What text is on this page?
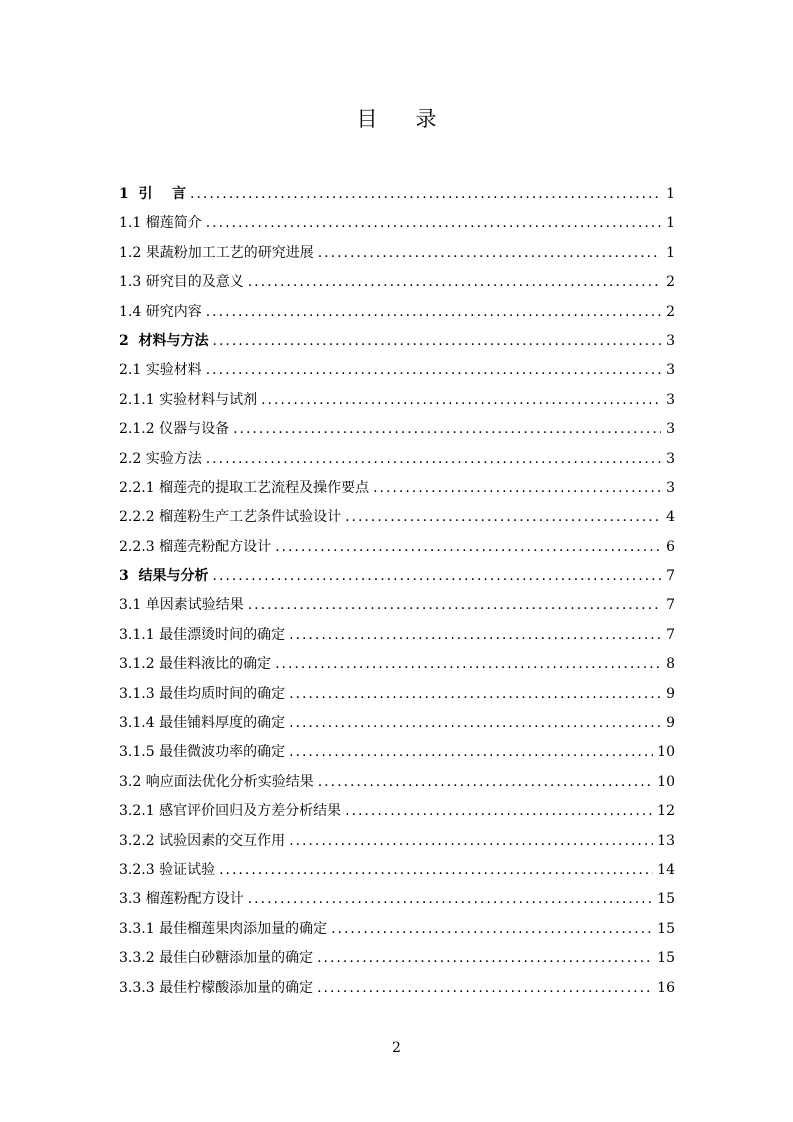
目 录
1  引    言 .....	1
1.1 榴莲简介 .....	1
1.2 果蔬粉加工工艺的研究进展 .....	1
1.3 研究目的及意义 .....	2
1.4 研究内容 .....	2
2  材料与方法 .....	3
2.1 实验材料 .....	3
2.1.1 实验材料与试剂 .....	3
2.1.2 仪器与设备 .....	3
2.2 实验方法 .....	3
2.2.1 榴莲壳的提取工艺流程及操作要点 .....	3
2.2.2 榴莲粉生产工艺条件试验设计 .....	4
2.2.3 榴莲壳粉配方设计 .....	6
3  结果与分析 .....	7
3.1 单因素试验结果 .....	7
3.1.1 最佳漂烫时间的确定 .....	7
3.1.2 最佳料液比的确定 .....	8
3.1.3 最佳均质时间的确定 .....	9
3.1.4 最佳铺料厚度的确定 .....	9
3.1.5 最佳微波功率的确定 .....	10
3.2 响应面法优化分析实验结果 .....	10
3.2.1 感官评价回归及方差分析结果 .....	12
3.2.2 试验因素的交互作用 .....	13
3.2.3 验证试验 .....	14
3.3 榴莲粉配方设计 .....	15
3.3.1 最佳榴莲果肉添加量的确定 .....	15
3.3.2 最佳白砂糖添加量的确定 .....	15
3.3.3 最佳柠檬酸添加量的确定 .....	16
2
